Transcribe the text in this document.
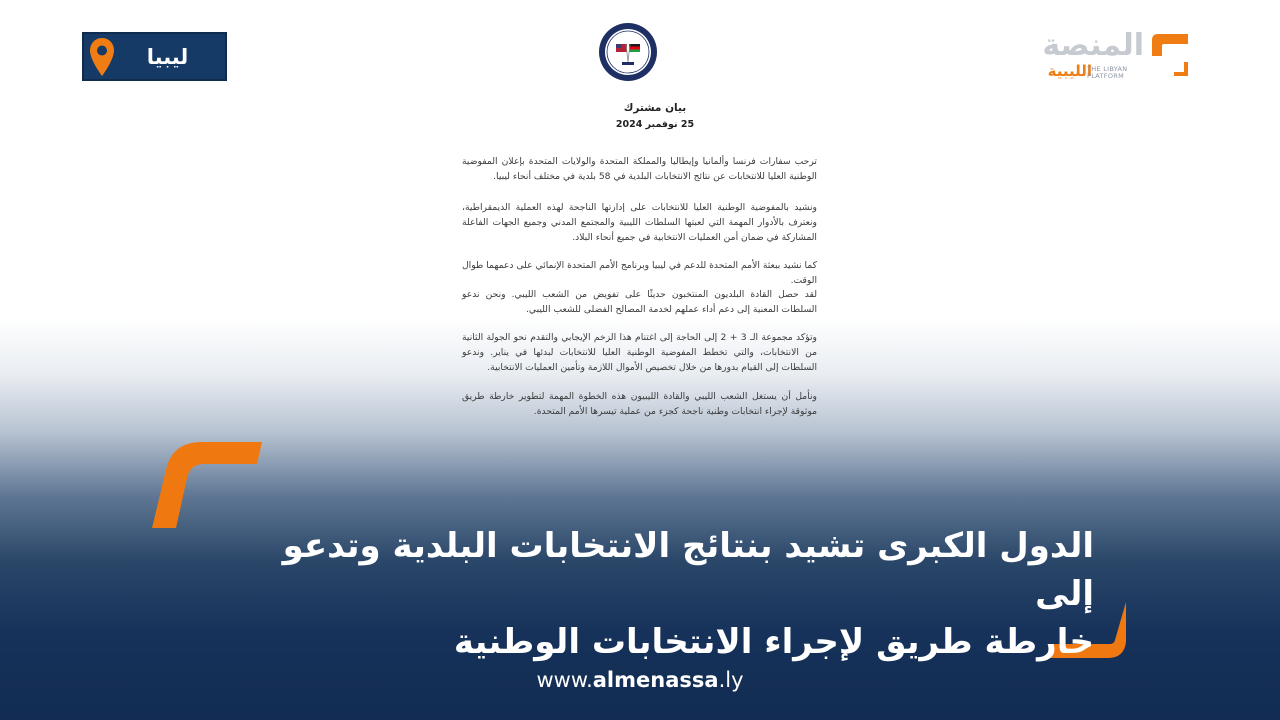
ليبيا	المنصة
الليبية
THE LIBYAN
PLATFORM
بيان مشترك
25 نوفمبر 2024

ترحب سفارات فرنسا وألمانيا وإيطاليا والمملكة المتحدة والولايات المتحدة بإعلان المفوضية الوطنية العليا للانتخابات عن نتائج الانتخابات البلدية في 58 بلدية في مختلف أنحاء ليبيا.

ونشيد بالمفوضية الوطنية العليا للانتخابات على إدارتها الناجحة لهذه العملية الديمقراطية، ونعترف بالأدوار المهمة التي لعبتها السلطات الليبية والمجتمع المدني وجميع الجهات الفاعلة المشاركة في ضمان أمن العمليات الانتخابية في جميع أنحاء البلاد.

كما نشيد ببعثة الأمم المتحدة للدعم في ليبيا وبرنامج الأمم المتحدة الإنمائي على دعمهما طوال الوقت.

لقد حصل القادة البلديون المنتخبون حديثًا على تفويض من الشعب الليبي. ونحن ندعو السلطات المعنية إلى دعم أداء عملهم لخدمة المصالح الفضلى للشعب الليبي.

وتؤكد مجموعة الـ 3 + 2 إلى الحاجة إلى اغتنام هذا الزخم الإيجابي والتقدم نحو الجولة الثانية من الانتخابات، والتي تخطط المفوضية الوطنية العليا للانتخابات لبدئها في يناير. وندعو السلطات إلى القيام بدورها من خلال تخصيص الأموال اللازمة وتأمين العمليات الانتخابية.

ونأمل أن يستغل الشعب الليبي والقادة الليبيون هذه الخطوة المهمة لتطوير خارطة طريق موثوقة لإجراء انتخابات وطنية ناجحة كجزء من عملية تيسرها الأمم المتحدة.

الدول الكبرى تشيد بنتائج الانتخابات البلدية وتدعو إلى
خارطة طريق لإجراء الانتخابات الوطنية
www.almenassa.ly
